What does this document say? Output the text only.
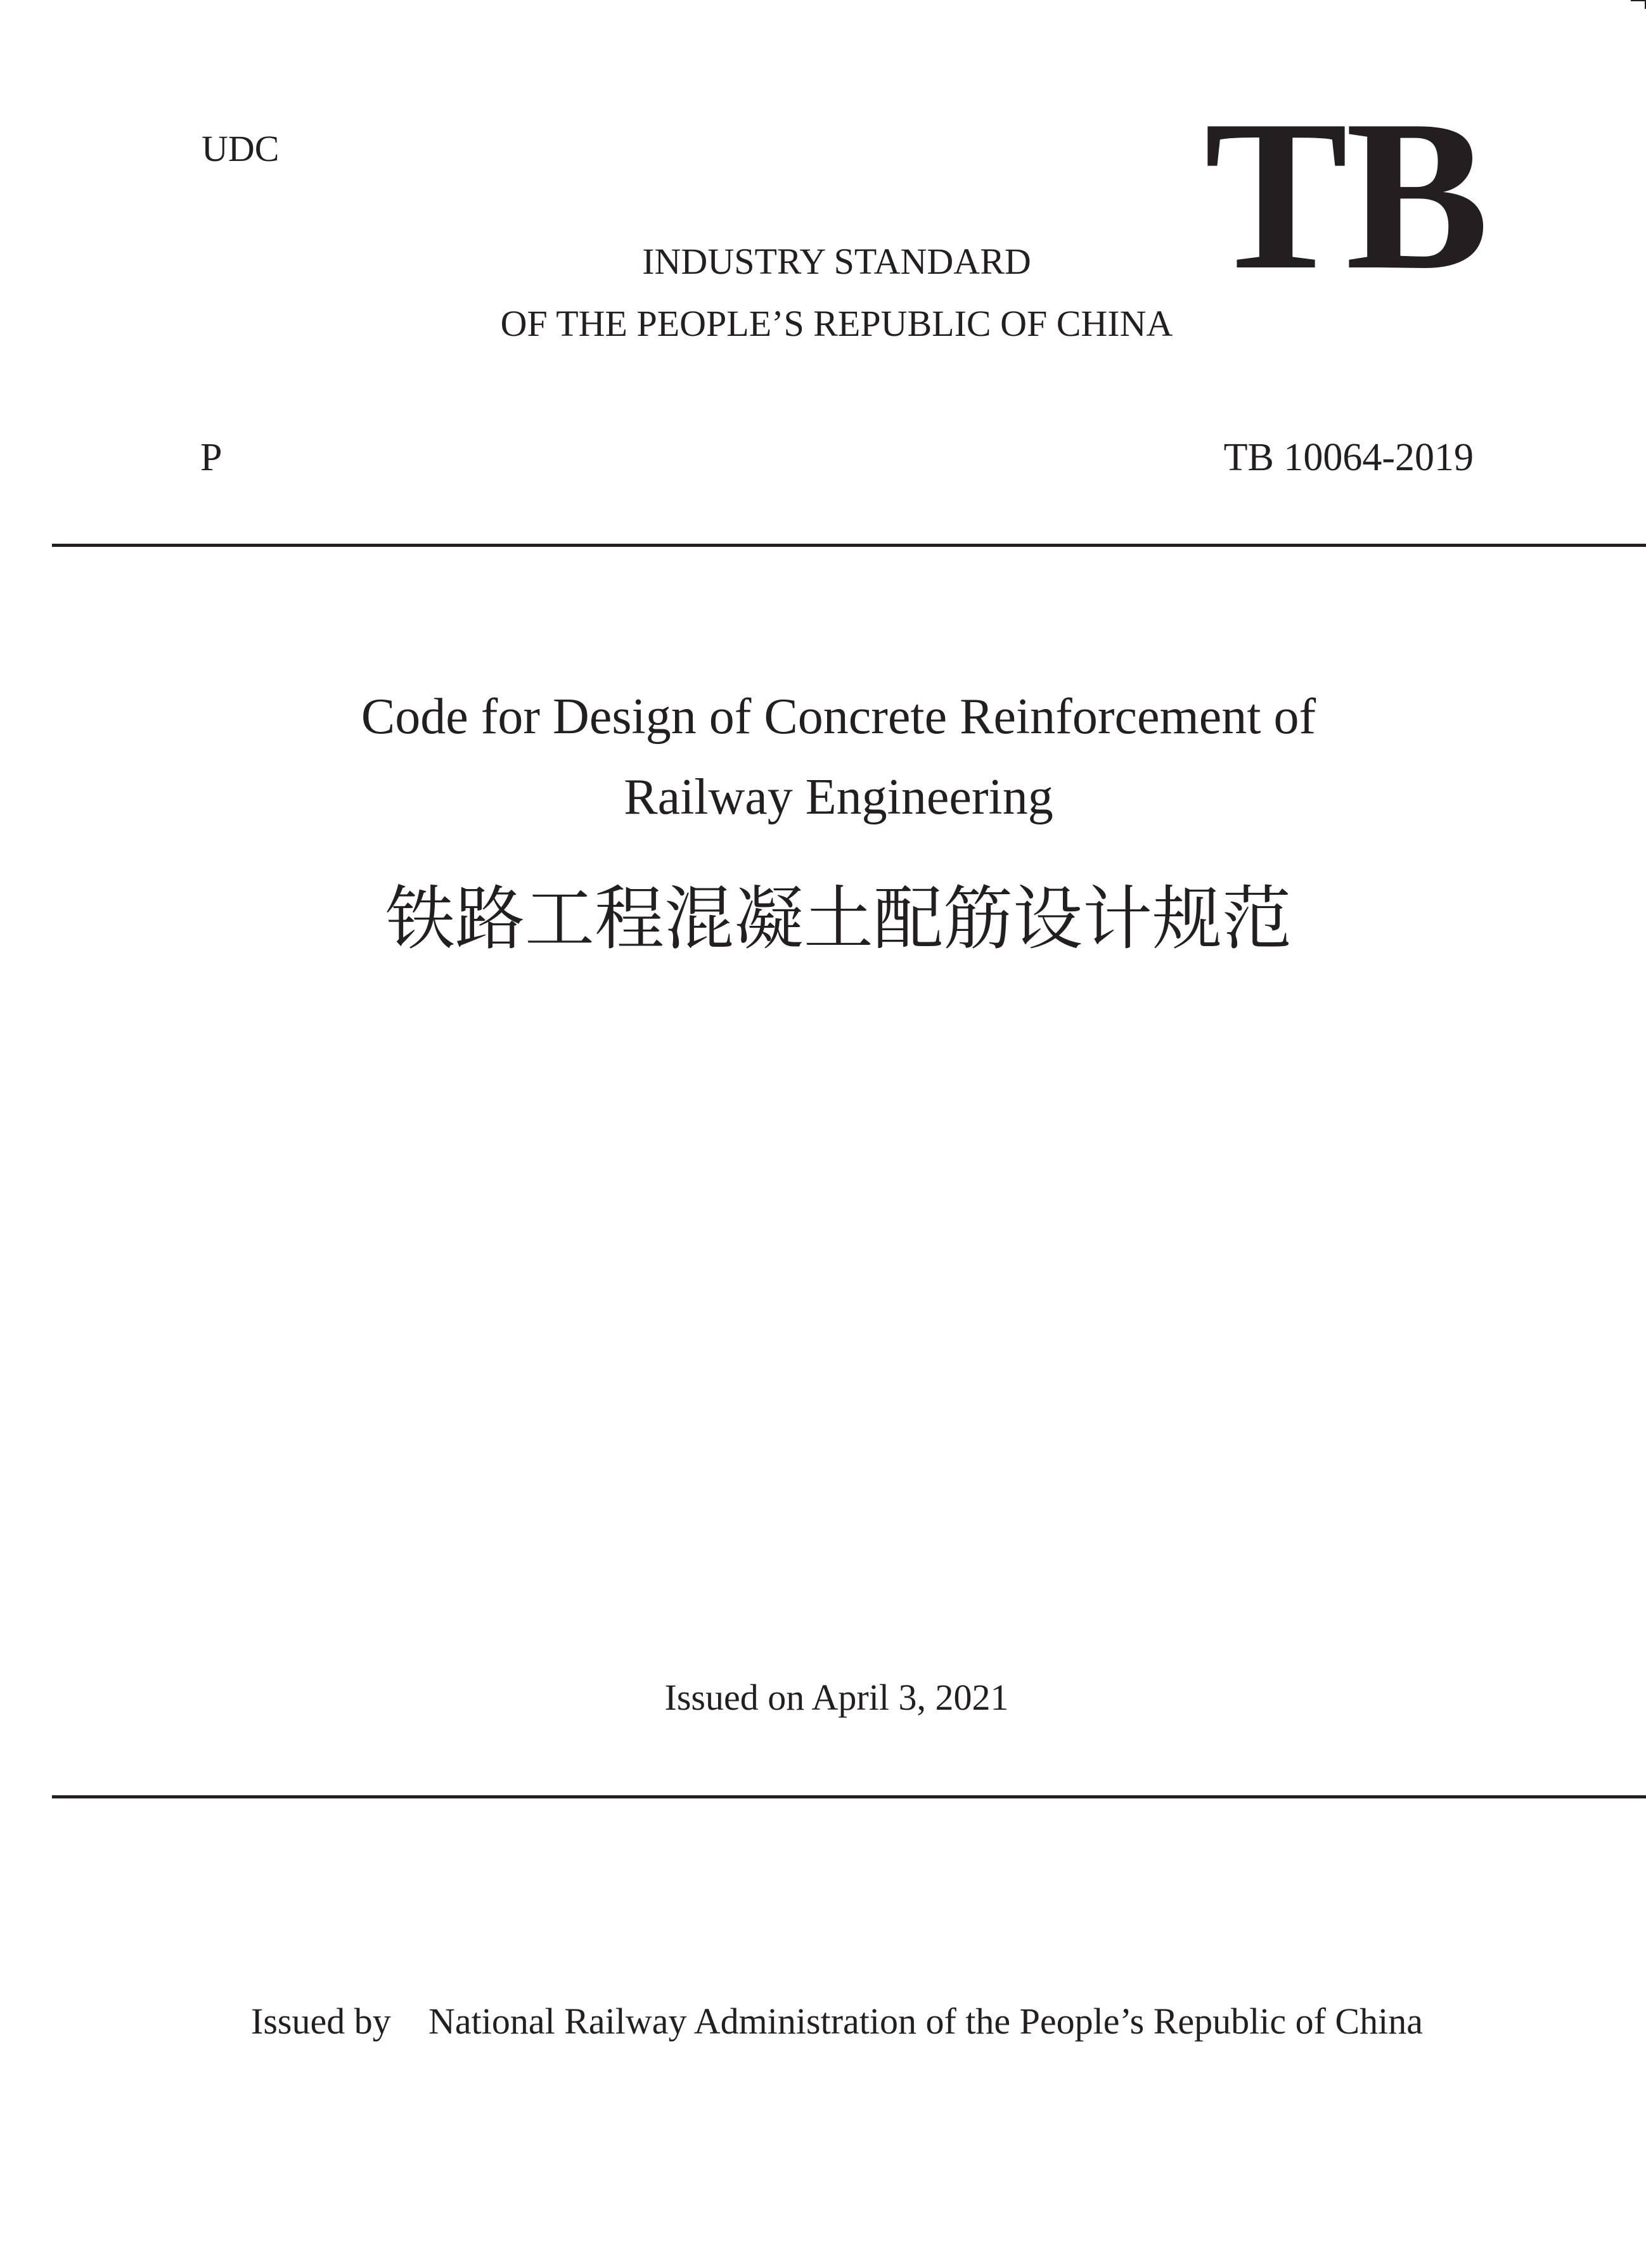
UDC	TB

INDUSTRY STANDARD

OF THE PEOPLE’S REPUBLIC OF CHINA

P	TB 10064-2019

Code for Design of Concrete Reinforcement of
Railway Engineering
铁路工程混凝土配筋设计规范

Issued on April 3, 2021

Issued by National Railway Administration of the People’s Republic of China
